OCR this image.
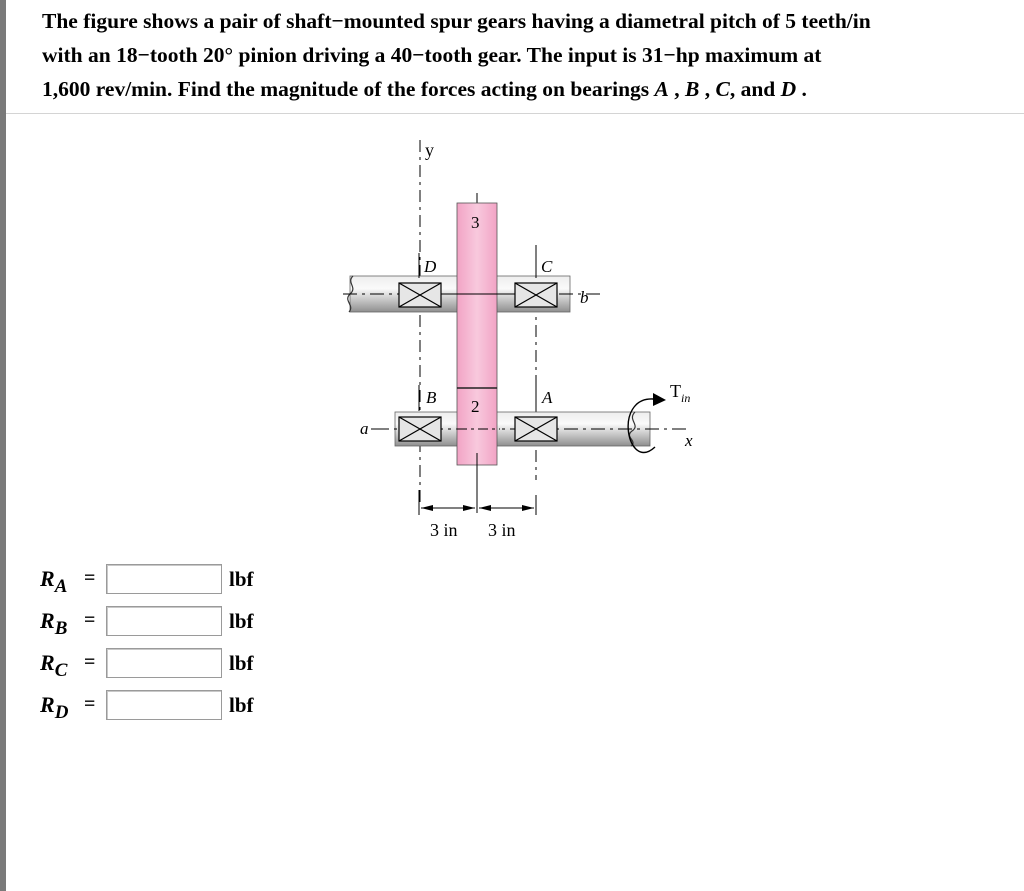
The figure shows a pair of shaft−mounted spur gears having a diametral pitch of 5 teeth/in
with an 18−tooth 20° pinion driving a 40−tooth gear. The input is 31−hp maximum at
1,600 rev/min. Find the magnitude of the forces acting on bearings A , B , C, and D .
y
3
D	C
b
B 2	A
a
$T_{in}$
x
3 in 3 in
$R_A$ =	lbf
$R_B$ =	lbf
$R_C$ =	lbf
$R_D$ =	lbf
